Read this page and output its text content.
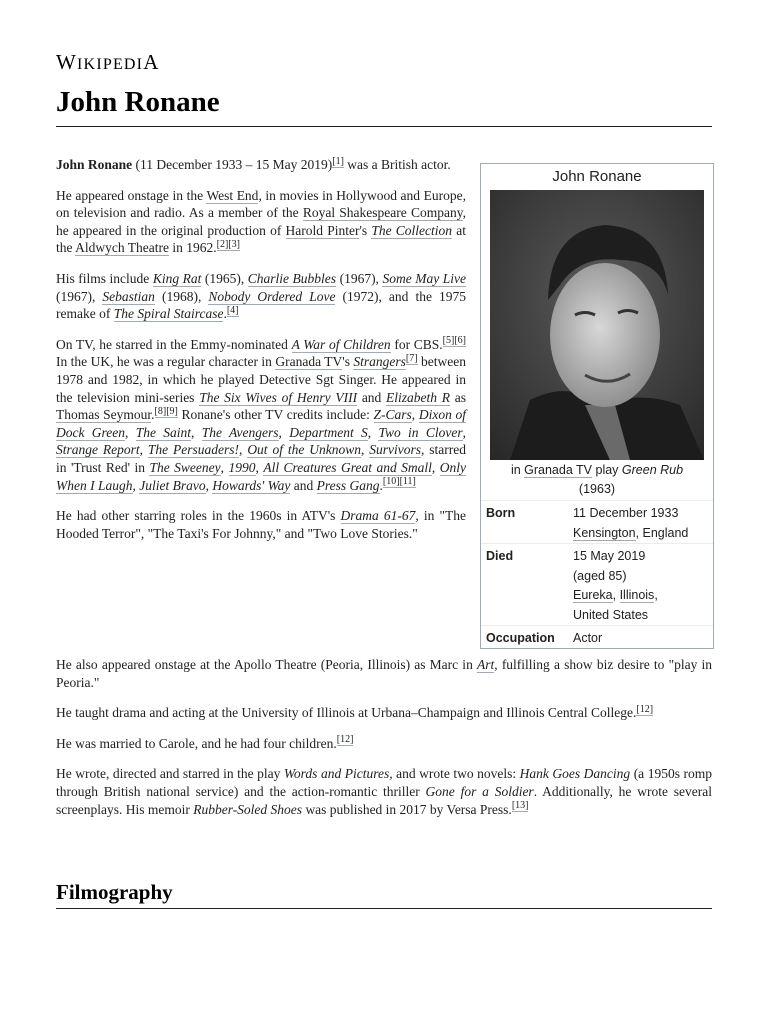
WIKIPEDIA
John Ronane
John Ronane
in Granada TV play Green Rub
(1963)
Born	11 December 1933
Kensington, England
Died	15 May 2019
(aged 85)
Eureka, Illinois,
United States
Occupation Actor

John Ronane (11 December 1933 – 15 May 2019)[1] was a British actor.

He appeared onstage in the West End, in movies in Hollywood and Europe, on television and radio. As a member of the Royal Shakespeare Company, he appeared in the original production of Harold Pinter's The Collection at the Aldwych Theatre in 1962.[2][3]

His films include King Rat (1965), Charlie Bubbles (1967), Some May Live (1967), Sebastian (1968), Nobody Ordered Love (1972), and the 1975 remake of The Spiral Staircase.[4]

On TV, he starred in the Emmy-nominated A War of Children for CBS.[5][6] In the UK, he was a regular character in Granada TV's Strangers[7] between 1978 and 1982, in which he played Detective Sgt Singer. He appeared in the television mini-series The Six Wives of Henry VIII and Elizabeth R as Thomas Seymour.[8][9] Ronane's other TV credits include: Z-Cars, Dixon of Dock Green, The Saint, The Avengers, Department S, Two in Clover, Strange Report, The Persuaders!, Out of the Unknown, Survivors, starred in 'Trust Red' in The Sweeney, 1990, All Creatures Great and Small, Only When I Laugh, Juliet Bravo, Howards' Way and Press Gang.[10][11]

He had other starring roles in the 1960s in ATV's Drama 61-67, in "The Hooded Terror", "The Taxi's For Johnny," and "Two Love Stories."

He also appeared onstage at the Apollo Theatre (Peoria, Illinois) as Marc in Art, fulfilling a show biz desire to "play in Peoria."

He taught drama and acting at the University of Illinois at Urbana–Champaign and Illinois Central College.[12]

He was married to Carole, and he had four children.[12]

He wrote, directed and starred in the play Words and Pictures, and wrote two novels: Hank Goes Dancing (a 1950s romp through British national service) and the action-romantic thriller Gone for a Soldier. Additionally, he wrote several screenplays. His memoir Rubber-Soled Shoes was published in 2017 by Versa Press.[13]

Filmography
